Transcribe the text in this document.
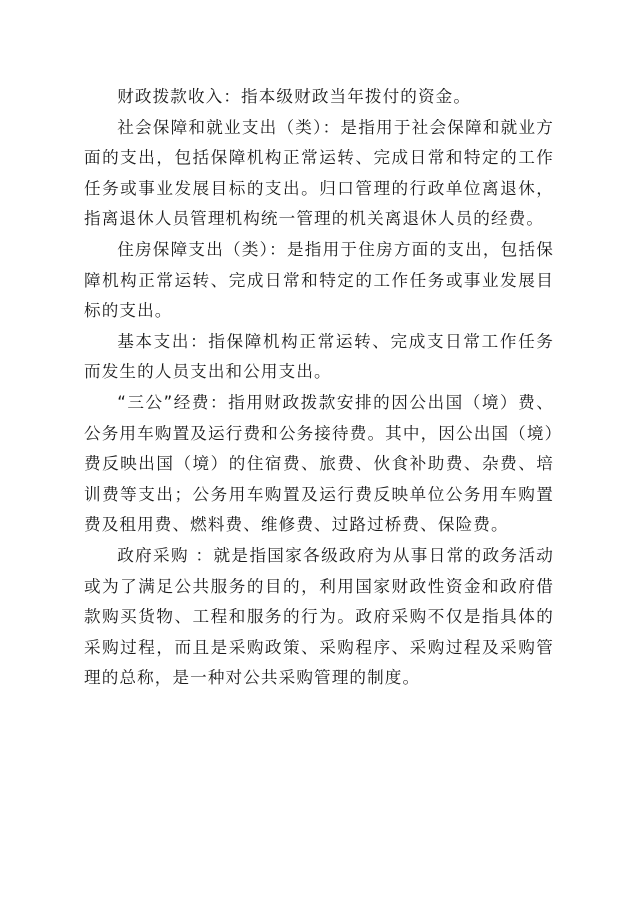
财政拨款收入：指本级财政当年拨付的资金。

社会保障和就业支出（类）：是指用于社会保障和就业方面的支出，包括保障机构正常运转、完成日常和特定的工作任务或事业发展目标的支出。归口管理的行政单位离退休，指离退休人员管理机构统一管理的机关离退休人员的经费。

住房保障支出（类）：是指用于住房方面的支出，包括保障机构正常运转、完成日常和特定的工作任务或事业发展目标的支出。

基本支出：指保障机构正常运转、完成支日常工作任务而发生的人员支出和公用支出。

“三公”经费：指用财政拨款安排的因公出国（境）费、公务用车购置及运行费和公务接待费。其中，因公出国（境）费反映出国（境）的住宿费、旅费、伙食补助费、杂费、培训费等支出；公务用车购置及运行费反映单位公务用车购置费及租用费、燃料费、维修费、过路过桥费、保险费。

政府采购 ：就是指国家各级政府为从事日常的政务活动或为了满足公共服务的目的，利用国家财政性资金和政府借款购买货物、工程和服务的行为。政府采购不仅是指具体的采购过程，而且是采购政策、采购程序、采购过程及采购管理的总称，是一种对公共采购管理的制度。
